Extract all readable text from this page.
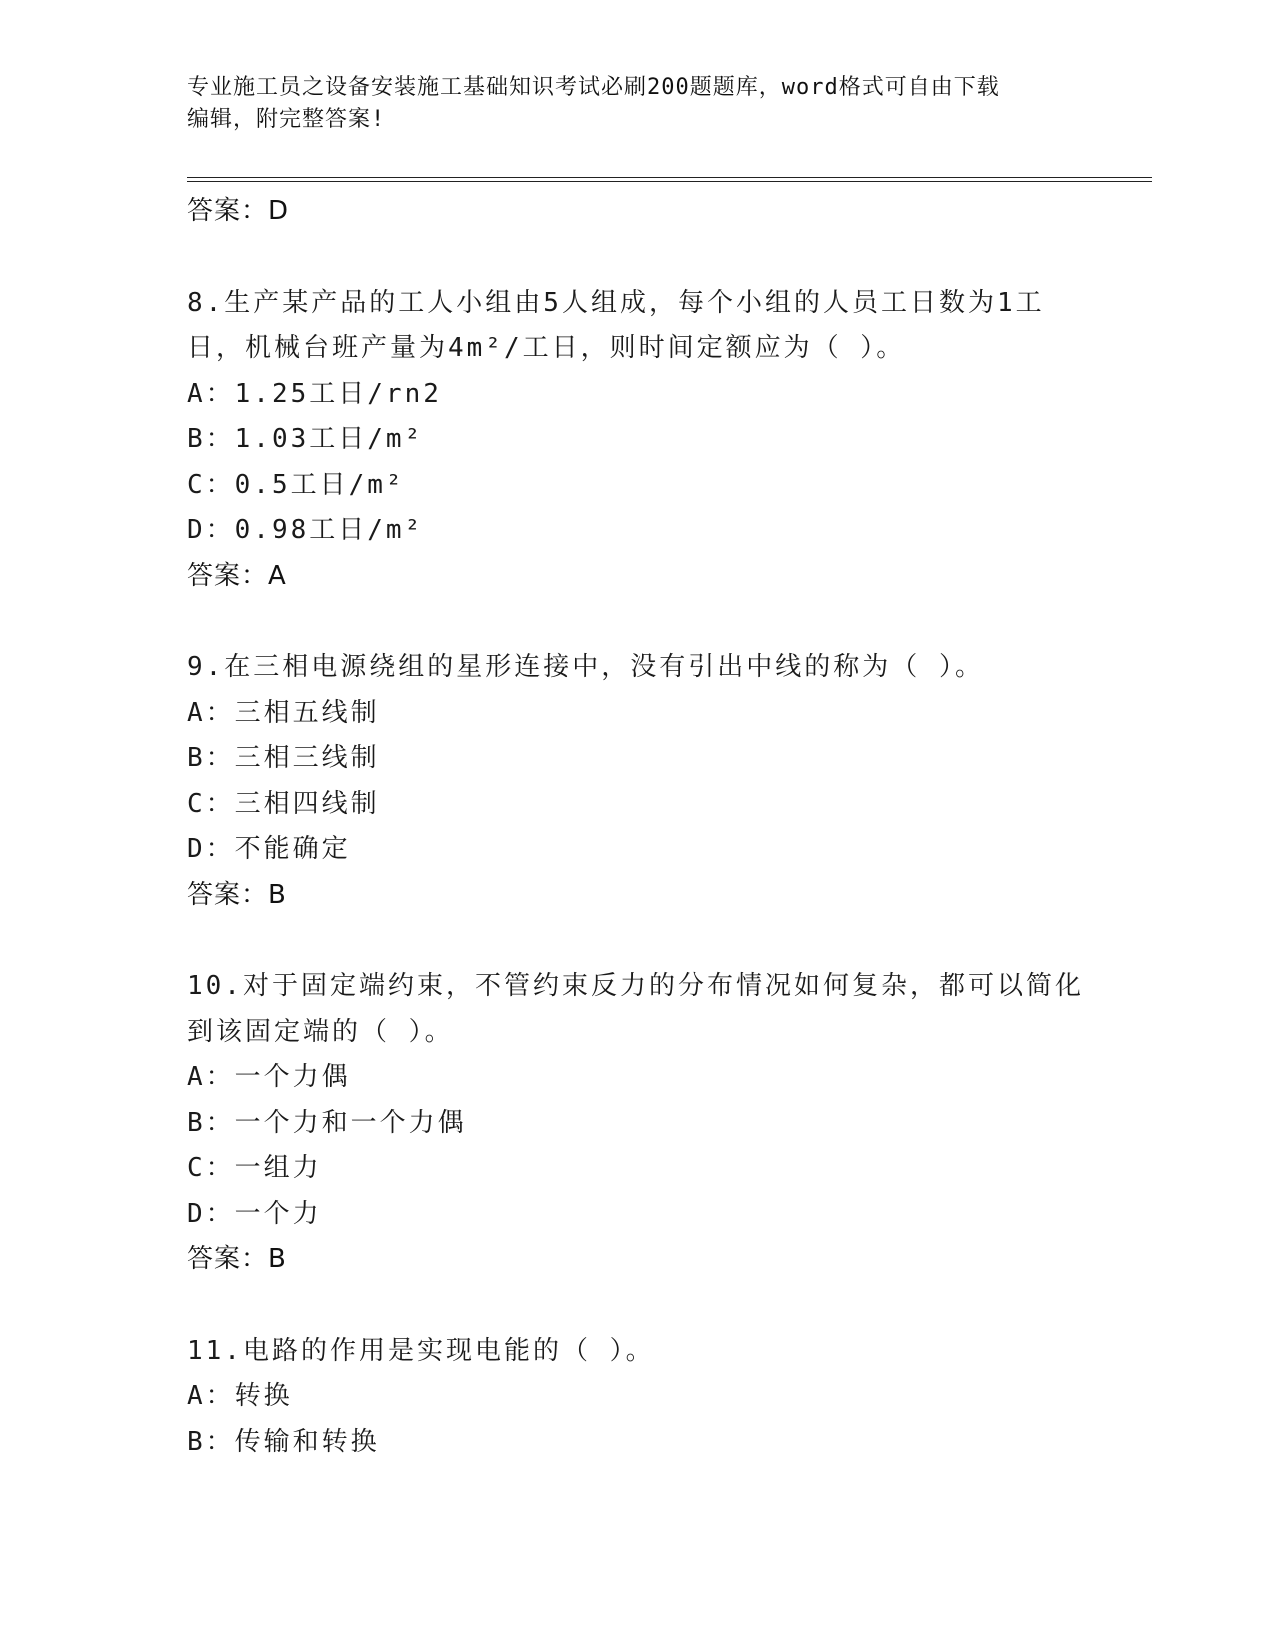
专业施工员之设备安装施工基础知识考试必刷200题题库，word格式可自由下载
编辑，附完整答案!
答案：D
8.生产某产品的工人小组由5人组成，每个小组的人员工日数为1工
日，机械台班产量为4m²/工日，则时间定额应为（ ）。
A：1.25工日/rn2
B：1.03工日/m²
C：0.5工日/m²
D：0.98工日/m²
答案：A
9.在三相电源绕组的星形连接中，没有引出中线的称为（ ）。
A：三相五线制
B：三相三线制
C：三相四线制
D：不能确定
答案：B
10.对于固定端约束，不管约束反力的分布情况如何复杂，都可以简化
到该固定端的（ ）。
A：一个力偶
B：一个力和一个力偶
C：一组力
D：一个力
答案：B
11.电路的作用是实现电能的（ ）。
A：转换
B：传输和转换
